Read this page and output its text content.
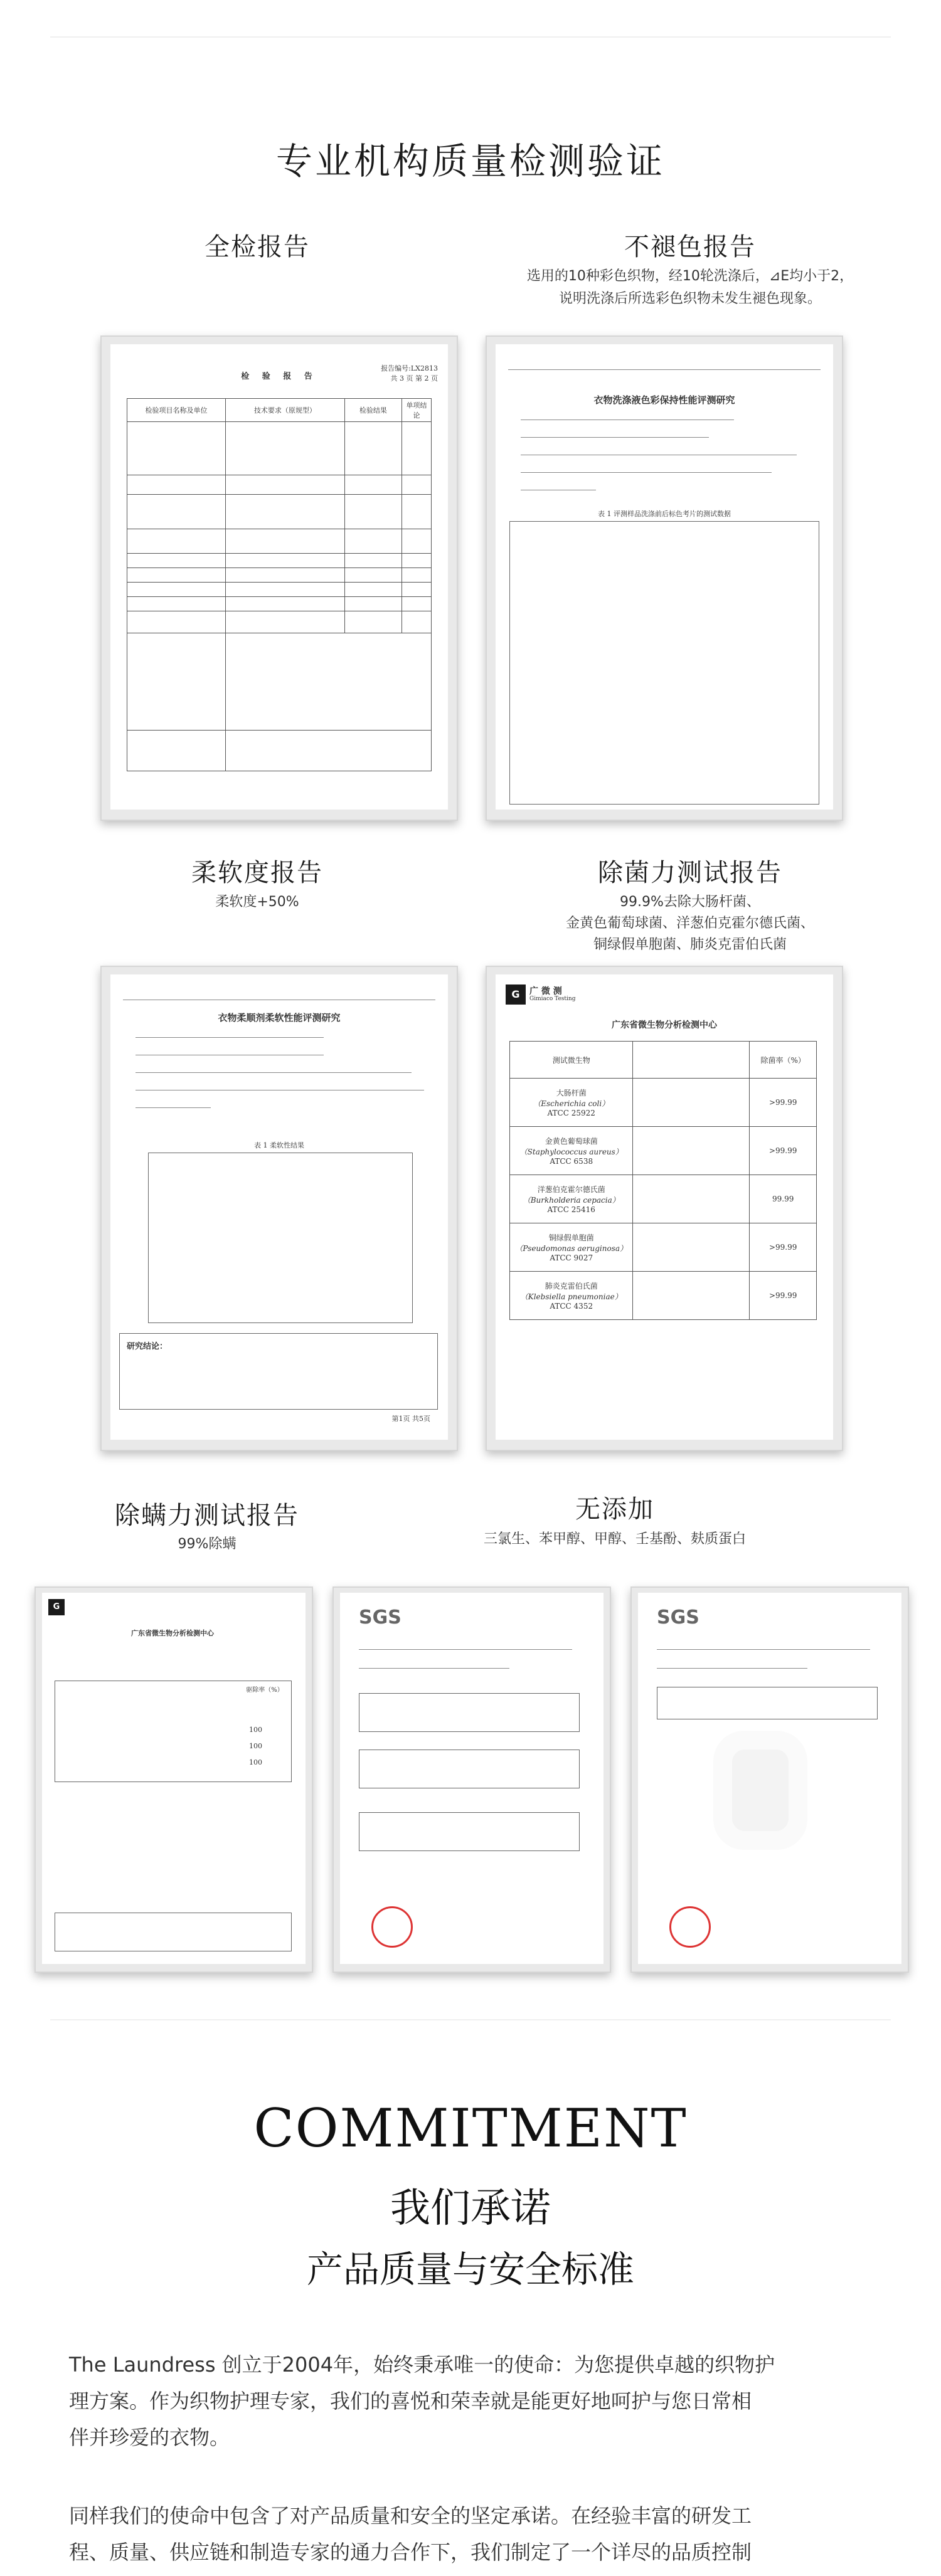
专业机构质量检测验证
全检报告	不褪色报告
选用的10种彩色织物，经10轮洗涤后，⊿E均小于2，
说明洗涤后所选彩色织物未发生褪色现象。
报告编号:LX2813
共 3 页 第 2 页
检 验 报 告
检验项目名称及单位	技术要求（原规型）	检验结果	单项结论

衣物洗涤液色彩保持性能评测研究
表 1 评测样品洗涤前后标色考片的测试数据
柔软度报告
柔软度+50%
除菌力测试报告
99.9%去除大肠杆菌、
金黄色葡萄球菌、洋葱伯克霍尔德氏菌、
铜绿假单胞菌、肺炎克雷伯氏菌
衣物柔顺剂柔软性能评测研究
表 1 柔软性结果
研究结论：
第1页 共5页
G	广 微 测
Gimiaco Testing
广东省微生物分析检测中心
测试微生物		除菌率（%）

大肠杆菌
（Escherichia coli）
ATCC 25922		>99.99

金黄色葡萄球菌
（Staphylococcus aureus）
ATCC 6538		>99.99

洋葱伯克霍尔德氏菌
（Burkholderia cepacia）
ATCC 25416		99.99

铜绿假单胞菌
（Pseudomonas aeruginosa）
ATCC 9027		>99.99

肺炎克雷伯氏菌
（Klebsiella pneumoniae）
ATCC 4352		>99.99
除螨力测试报告
99%除螨
无添加
三氯生、苯甲醇、甲醇、壬基酚、麸质蛋白
G
广东省微生物分析检测中心
驱除率（%）
100
100
100
SGS	SGS
COMMITMENT
我们承诺
产品质量与安全标准
The Laundress 创立于2004年，始终秉承唯一的使命：为您提供卓越的织物护
理方案。作为织物护理专家，我们的喜悦和荣幸就是能更好地呵护与您日常相
伴并珍爱的衣物。
同样我们的使命中包含了对产品质量和安全的坚定承诺。在经验丰富的研发工
程、质量、供应链和制造专家的通力合作下，我们制定了一个详尽的品质控制
